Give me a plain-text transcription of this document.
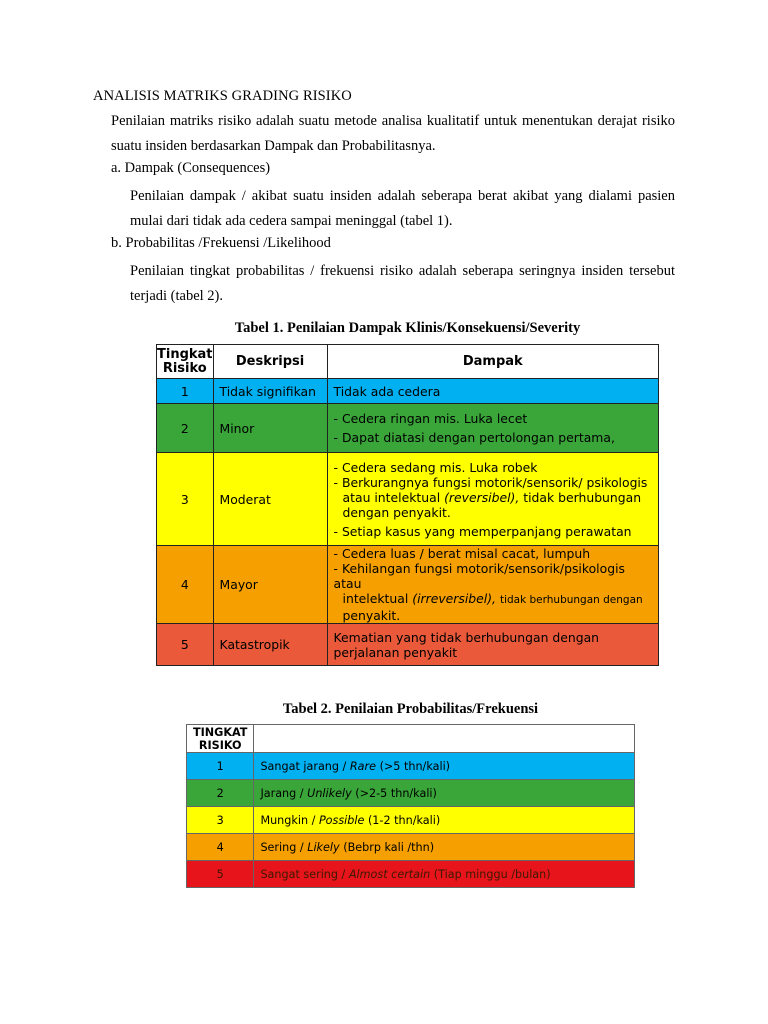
ANALISIS MATRIKS GRADING RISIKO
Penilaian matriks risiko adalah suatu metode analisa kualitatif untuk menentukan derajat risiko suatu insiden berdasarkan Dampak dan Probabilitasnya.
a. Dampak (Consequences)
Penilaian dampak / akibat suatu insiden adalah seberapa berat akibat yang dialami pasien mulai dari tidak ada cedera sampai meninggal (tabel 1).
b. Probabilitas /Frekuensi /Likelihood
Penilaian tingkat probabilitas / frekuensi risiko adalah seberapa seringnya insiden tersebut terjadi (tabel 2).
Tabel 1. Penilaian Dampak Klinis/Konsekuensi/Severity
Tingkat
Risiko	Deskripsi	Dampak
1	Tidak signifikan	Tidak ada cedera

2	Minor	- Cedera ringan mis. Luka lecet
- Dapat diatasi dengan pertolongan pertama,

3	Moderat	- Cedera sedang mis. Luka robek
- Berkurangnya fungsi motorik/sensorik/ psikologis
atau intelektual (reversibel), tidak berhubungan
dengan penyakit.
- Setiap kasus yang memperpanjang perawatan

4	Mayor	- Cedera luas / berat misal cacat, lumpuh
- Kehilangan fungsi motorik/sensorik/psikologis atau
intelektual (irreversibel), tidak berhubungan dengan
penyakit.

5	Katastropik	Kematian yang tidak berhubungan dengan
perjalanan penyakit
Tabel 2. Penilaian Probabilitas/Frekuensi
TINGKAT
RISIKO	
1	Sangat jarang / Rare (>5 thn/kali)
2	Jarang / Unlikely (>2-5 thn/kali)
3	Mungkin / Possible (1-2 thn/kali)
4	Sering / Likely (Bebrp kali /thn)
5	Sangat sering / Almost certain (Tiap minggu /bulan)
